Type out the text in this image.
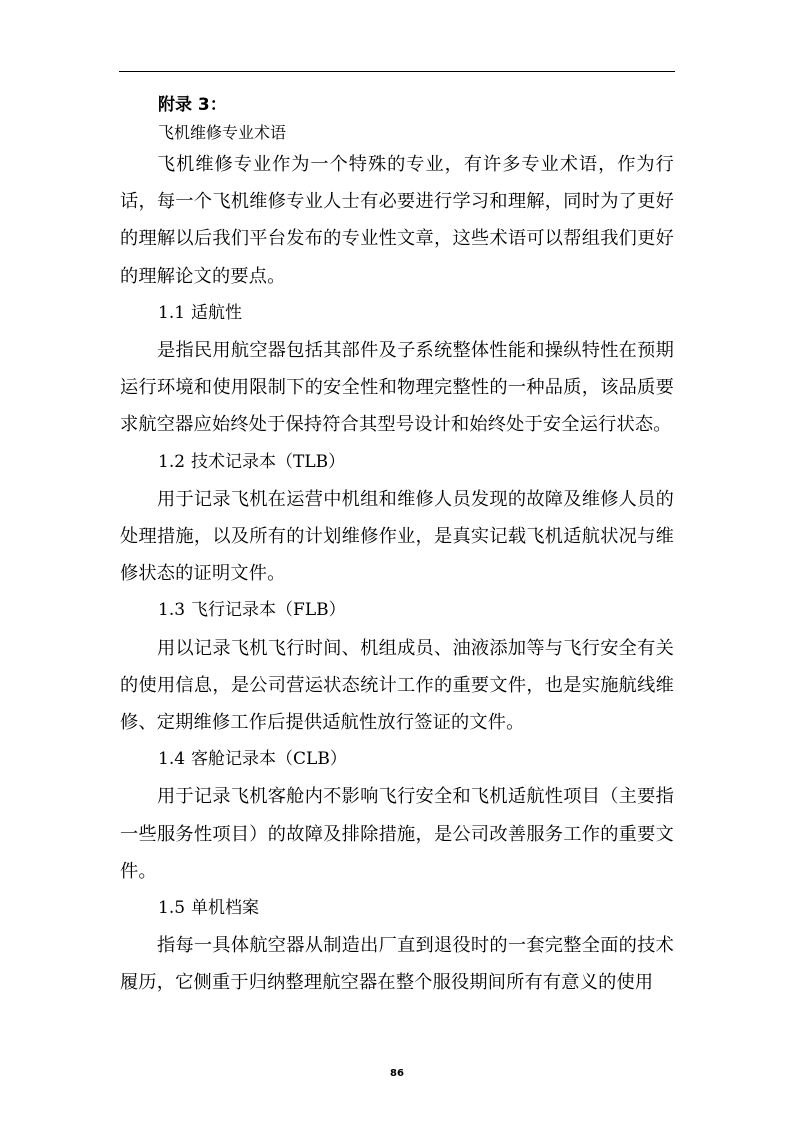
附录 3：
飞机维修专业术语

飞机维修专业作为一个特殊的专业，有许多专业术语，作为行话，每一个飞机维修专业人士有必要进行学习和理解，同时为了更好的理解以后我们平台发布的专业性文章，这些术语可以帮组我们更好的理解论文的要点。

1.1 适航性

是指民用航空器包括其部件及子系统整体性能和操纵特性在预期运行环境和使用限制下的安全性和物理完整性的一种品质，该品质要求航空器应始终处于保持符合其型号设计和始终处于安全运行状态。

1.2 技术记录本（TLB）

用于记录飞机在运营中机组和维修人员发现的故障及维修人员的处理措施，以及所有的计划维修作业，是真实记载飞机适航状况与维修状态的证明文件。

1.3 飞行记录本（FLB）

用以记录飞机飞行时间、机组成员、油液添加等与飞行安全有关的使用信息，是公司营运状态统计工作的重要文件，也是实施航线维修、定期维修工作后提供适航性放行签证的文件。

1.4 客舱记录本（CLB）

用于记录飞机客舱内不影响飞行安全和飞机适航性项目（主要指一些服务性项目）的故障及排除措施，是公司改善服务工作的重要文件。

1.5 单机档案

指每一具体航空器从制造出厂直到退役时的一套完整全面的技术履历，它侧重于归纳整理航空器在整个服役期间所有有意义的使用

86
